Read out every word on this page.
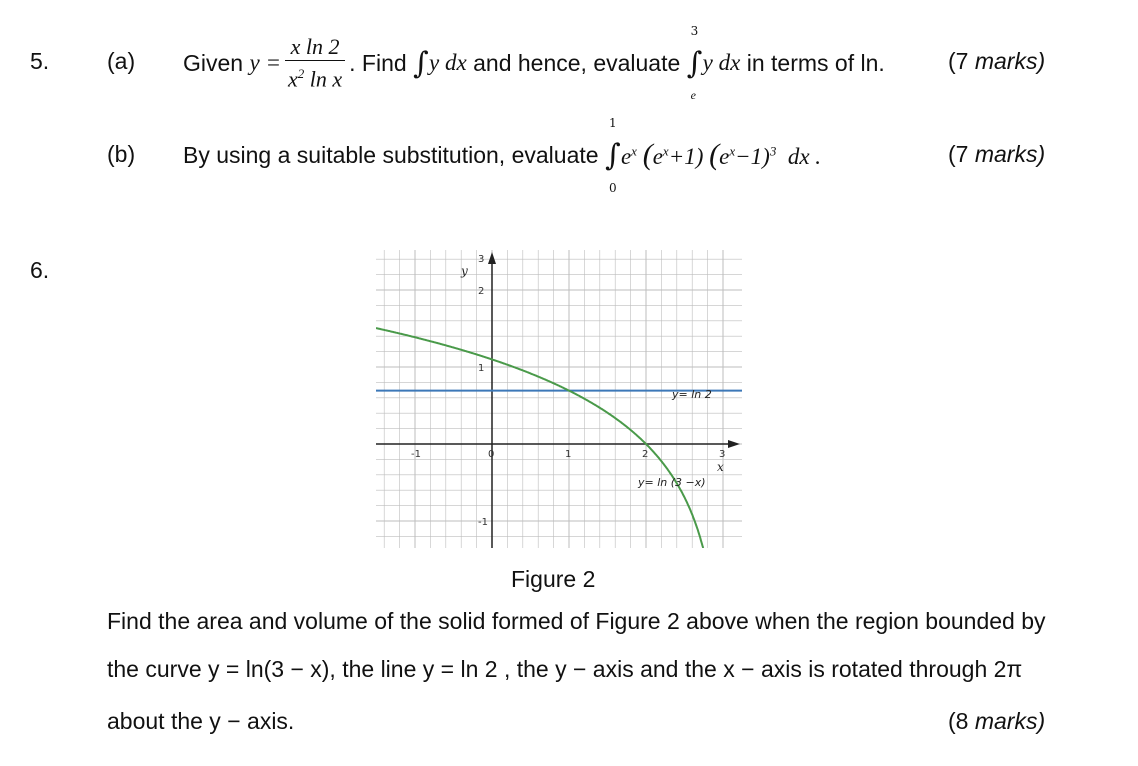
5.	(a) Given
$y = \frac{\text{x ln 2}}{x^2 \ln x}$ . Find
∫ y dx
and hence, evaluate
∫
3
e
y dx
in terms of ln.	(7 marks)
(b) By using a suitable substitution, evaluate
∫
1
0
$e^x$ $(e^x+1)$ $(e^x-1)^3$ dx .	(7 marks)
6.
-1	0	1	2	3
3
2
1
-1
y= ln 2
y= ln (3 −x)
x
y
Figure 2
Find the area and volume of the solid formed of Figure 2 above when the region bounded by
the curve y = ln(3 − x), the line y = ln 2 , the y − axis and the x − axis is rotated through 2π
about the y − axis.	(8 marks)
